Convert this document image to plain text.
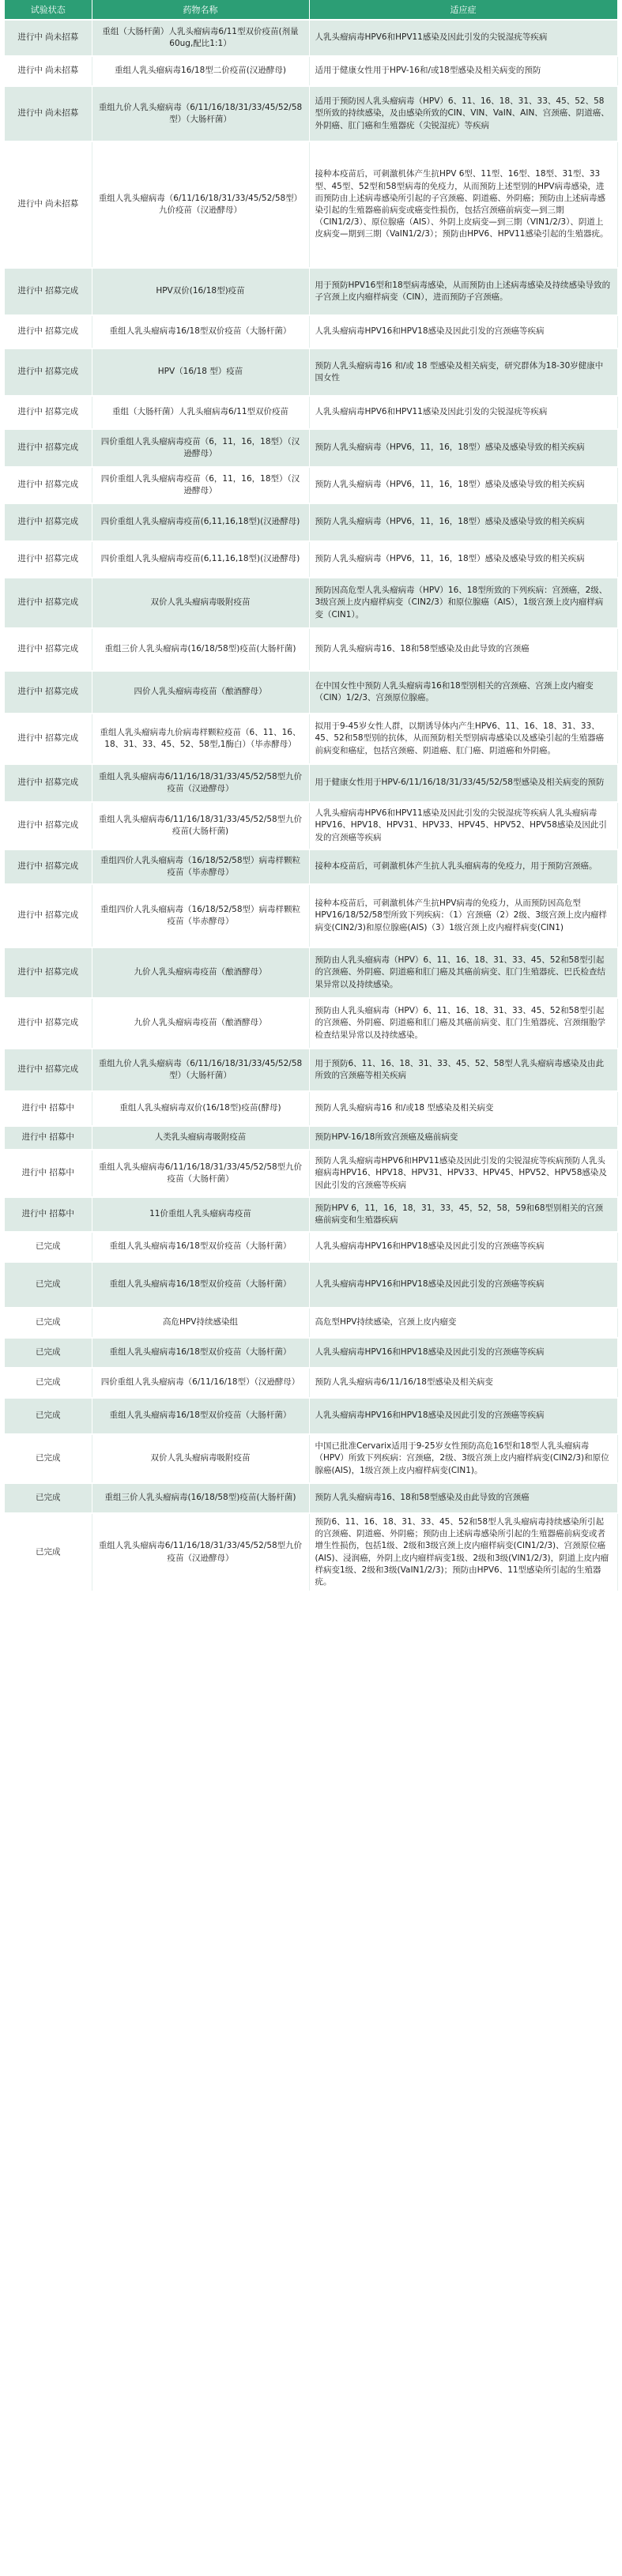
试验状态	药物名称	适应症
进行中 尚未招募	重组（大肠杆菌）人乳头瘤病毒6/11型双价疫苗(剂量60ug,配比1:1）	人乳头瘤病毒HPV6和HPV11感染及因此引发的尖锐湿疣等疾病
进行中 尚未招募	重组人乳头瘤病毒16/18型二价疫苗(汉逊酵母)	适用于健康女性用于HPV-16和/或18型感染及相关病变的预防
进行中 尚未招募	重组九价人乳头瘤病毒（6/11/16/18/31/33/45/52/58型）（大肠杆菌）	适用于预防因人乳头瘤病毒（HPV）6、11、16、18、31、33、45、52、58型所致的持续感染，及由感染所致的CIN、VIN、VaIN、AIN、宫颈癌、阴道癌、外阴癌、肛门癌和生殖器疣（尖锐湿疣）等疾病
进行中 尚未招募	重组人乳头瘤病毒（6/11/16/18/31/33/45/52/58型）九价疫苗（汉逊酵母）	接种本疫苗后，可刺激机体产生抗HPV 6型、11型、16型、18型、31型、33型、45型、52型和58型病毒的免疫力，从而预防上述型别的HPV病毒感染，进而预防由上述病毒感染所引起的子宫颈癌、阴道癌、外阴癌；预防由上述病毒感染引起的生殖器癌前病变或癌变性损伤，包括宫颈癌前病变—到三期（CIN1/2/3）、原位腺癌（AIS）、外阴上皮病变—到三期（VIN1/2/3）、阴道上皮病变—期到三期（VaIN1/2/3）；预防由HPV6、HPV11感染引起的生殖器疣。
进行中 招募完成	HPV双价(16/18型)疫苗	用于预防HPV16型和18型病毒感染，从而预防由上述病毒感染及持续感染导致的子宫颈上皮内瘤样病变（CIN），进而预防子宫颈癌。
进行中 招募完成	重组人乳头瘤病毒16/18型双价疫苗（大肠杆菌）	人乳头瘤病毒HPV16和HPV18感染及因此引发的宫颈癌等疾病
进行中 招募完成	HPV（16/18 型）疫苗	预防人乳头瘤病毒16 和/或 18 型感染及相关病变，研究群体为18-30岁健康中国女性
进行中 招募完成	重组（大肠杆菌）人乳头瘤病毒6/11型双价疫苗	人乳头瘤病毒HPV6和HPV11感染及因此引发的尖锐湿疣等疾病
进行中 招募完成	四价重组人乳头瘤病毒疫苗（6，11，16，18型）（汉逊酵母）	预防人乳头瘤病毒（HPV6，11，16，18型）感染及感染导致的相关疾病
进行中 招募完成	四价重组人乳头瘤病毒疫苗（6，11，16，18型）（汉逊酵母）	预防人乳头瘤病毒（HPV6，11，16，18型）感染及感染导致的相关疾病
进行中 招募完成	四价重组人乳头瘤病毒疫苗(6,11,16,18型)(汉逊酵母)	预防人乳头瘤病毒（HPV6，11，16，18型）感染及感染导致的相关疾病
进行中 招募完成	四价重组人乳头瘤病毒疫苗(6,11,16,18型)(汉逊酵母)	预防人乳头瘤病毒（HPV6，11，16，18型）感染及感染导致的相关疾病
进行中 招募完成	双价人乳头瘤病毒吸附疫苗	预防因高危型人乳头瘤病毒（HPV）16、18型所致的下列疾病：宫颈癌，2级、3级宫颈上皮内瘤样病变（CIN2/3）和原位腺癌（AIS），1级宫颈上皮内瘤样病变（CIN1）。
进行中 招募完成	重组三价人乳头瘤病毒(16/18/58型)疫苗(大肠杆菌)	预防人乳头瘤病毒16、18和58型感染及由此导致的宫颈癌
进行中 招募完成	四价人乳头瘤病毒疫苗（酿酒酵母）	在中国女性中预防人乳头瘤病毒16和18型别相关的宫颈癌、宫颈上皮内瘤变（CIN）1/2/3、宫颈原位腺癌。
进行中 招募完成	重组人乳头瘤病毒九价病毒样颗粒疫苗（6、11、16、18、31、33、45、52、58型,1酶白）（毕赤酵母）	拟用于9-45岁女性人群，以期诱导体内产生HPV6、11、16、18、31、33、45、52和58型别的抗体，从而预防相关型别病毒感染以及感染引起的生殖器癌前病变和癌症，包括宫颈癌、阴道癌、肛门癌、阴道癌和外阴癌。
进行中 招募完成	重组人乳头瘤病毒6/11/16/18/31/33/45/52/58型九价疫苗（汉逊酵母）	用于健康女性用于HPV-6/11/16/18/31/33/45/52/58型感染及相关病变的预防
进行中 招募完成	重组人乳头瘤病毒6/11/16/18/31/33/45/52/58型九价疫苗(大肠杆菌)	人乳头瘤病毒HPV6和HPV11感染及因此引发的尖锐湿疣等疾病人乳头瘤病毒HPV16、HPV18、HPV31、HPV33、HPV45、HPV52、HPV58感染及因此引发的宫颈癌等疾病
进行中 招募完成	重组四价人乳头瘤病毒（16/18/52/58型）病毒样颗粒疫苗（毕赤酵母）	接种本疫苗后，可刺激机体产生抗人乳头瘤病毒的免疫力，用于预防宫颈癌。
进行中 招募完成	重组四价人乳头瘤病毒（16/18/52/58型）病毒样颗粒疫苗（毕赤酵母）	接种本疫苗后，可刺激机体产生抗HPV病毒的免疫力，从而预防因高危型HPV16/18/52/58型所致下列疾病：（1）宫颈癌（2）2级、3级宫颈上皮内瘤样病变(CIN2/3)和原位腺癌(AIS)（3）1级宫颈上皮内瘤样病变(CIN1)
进行中 招募完成	九价人乳头瘤病毒疫苗（酿酒酵母）	预防由人乳头瘤病毒（HPV）6、11、16、18、31、33、45、52和58型引起的宫颈癌、外阴癌、阴道癌和肛门癌及其癌前病变、肛门生殖器疣、巴氏检查结果异常以及持续感染。
进行中 招募完成	九价人乳头瘤病毒疫苗（酿酒酵母）	预防由人乳头瘤病毒（HPV）6、11、16、18、31、33、45、52和58型引起的宫颈癌、外阴癌、阴道癌和肛门癌及其癌前病变、肛门生殖器疣、宫颈细胞学检查结果异常以及持续感染。
进行中 招募完成	重组九价人乳头瘤病毒（6/11/16/18/31/33/45/52/58型）（大肠杆菌）	用于预防6、11、16、18、31、33、45、52、58型人乳头瘤病毒感染及由此所致的宫颈癌等相关疾病
进行中 招募中	重组人乳头瘤病毒双价(16/18型)疫苗(酵母)	预防人乳头瘤病毒16 和/或18 型感染及相关病变
进行中 招募中	人类乳头瘤病毒吸附疫苗	预防HPV-16/18所致宫颈癌及癌前病变
进行中 招募中	重组人乳头瘤病毒6/11/16/18/31/33/45/52/58型九价疫苗（大肠杆菌）	预防人乳头瘤病毒HPV6和HPV11感染及因此引发的尖锐湿疣等疾病预防人乳头瘤病毒HPV16、HPV18、HPV31、HPV33、HPV45、HPV52、HPV58感染及因此引发的宫颈癌等疾病
进行中 招募中	11价重组人乳头瘤病毒疫苗	预防HPV 6，11，16，18，31，33，45，52，58，59和68型别相关的宫颈癌前病变和生殖器疾病
已完成	重组人乳头瘤病毒16/18型双价疫苗（大肠杆菌）	人乳头瘤病毒HPV16和HPV18感染及因此引发的宫颈癌等疾病
已完成	重组人乳头瘤病毒16/18型双价疫苗（大肠杆菌）	人乳头瘤病毒HPV16和HPV18感染及因此引发的宫颈癌等疾病
已完成	高危HPV持续感染组	高危型HPV持续感染，宫颈上皮内瘤变
已完成	重组人乳头瘤病毒16/18型双价疫苗（大肠杆菌）	人乳头瘤病毒HPV16和HPV18感染及因此引发的宫颈癌等疾病
已完成	四价重组人乳头瘤病毒（6/11/16/18型）（汉逊酵母）	预防人乳头瘤病毒6/11/16/18型感染及相关病变
已完成	重组人乳头瘤病毒16/18型双价疫苗（大肠杆菌）	人乳头瘤病毒HPV16和HPV18感染及因此引发的宫颈癌等疾病
已完成	双价人乳头瘤病毒吸附疫苗	中国已批准Cervarix适用于9-25岁女性预防高危16型和18型人乳头瘤病毒（HPV）所致下列疾病：宫颈癌，2级、3级宫颈上皮内瘤样病变(CIN2/3)和原位腺癌(AIS)，1级宫颈上皮内瘤样病变(CIN1)。
已完成	重组三价人乳头瘤病毒(16/18/58型)疫苗(大肠杆菌)	预防人乳头瘤病毒16、18和58型感染及由此导致的宫颈癌
已完成	重组人乳头瘤病毒6/11/16/18/31/33/45/52/58型九价疫苗（汉逊酵母）	预防6、11、16、18、31、33、45、52和58型人乳头瘤病毒持续感染所引起的宫颈癌、阴道癌、外阴癌；预防由上述病毒感染所引起的生殖器癌前病变或者增生性损伤，包括1级、2级和3级宫颈上皮内瘤样病变(CIN1/2/3)、宫颈原位癌(AIS)、浸润癌，外阴上皮内瘤样病变1级、2级和3级(VIN1/2/3)，阴道上皮内瘤样病变1级、2级和3级(VaIN1/2/3)；预防由HPV6、11型感染所引起的生殖器疣。
